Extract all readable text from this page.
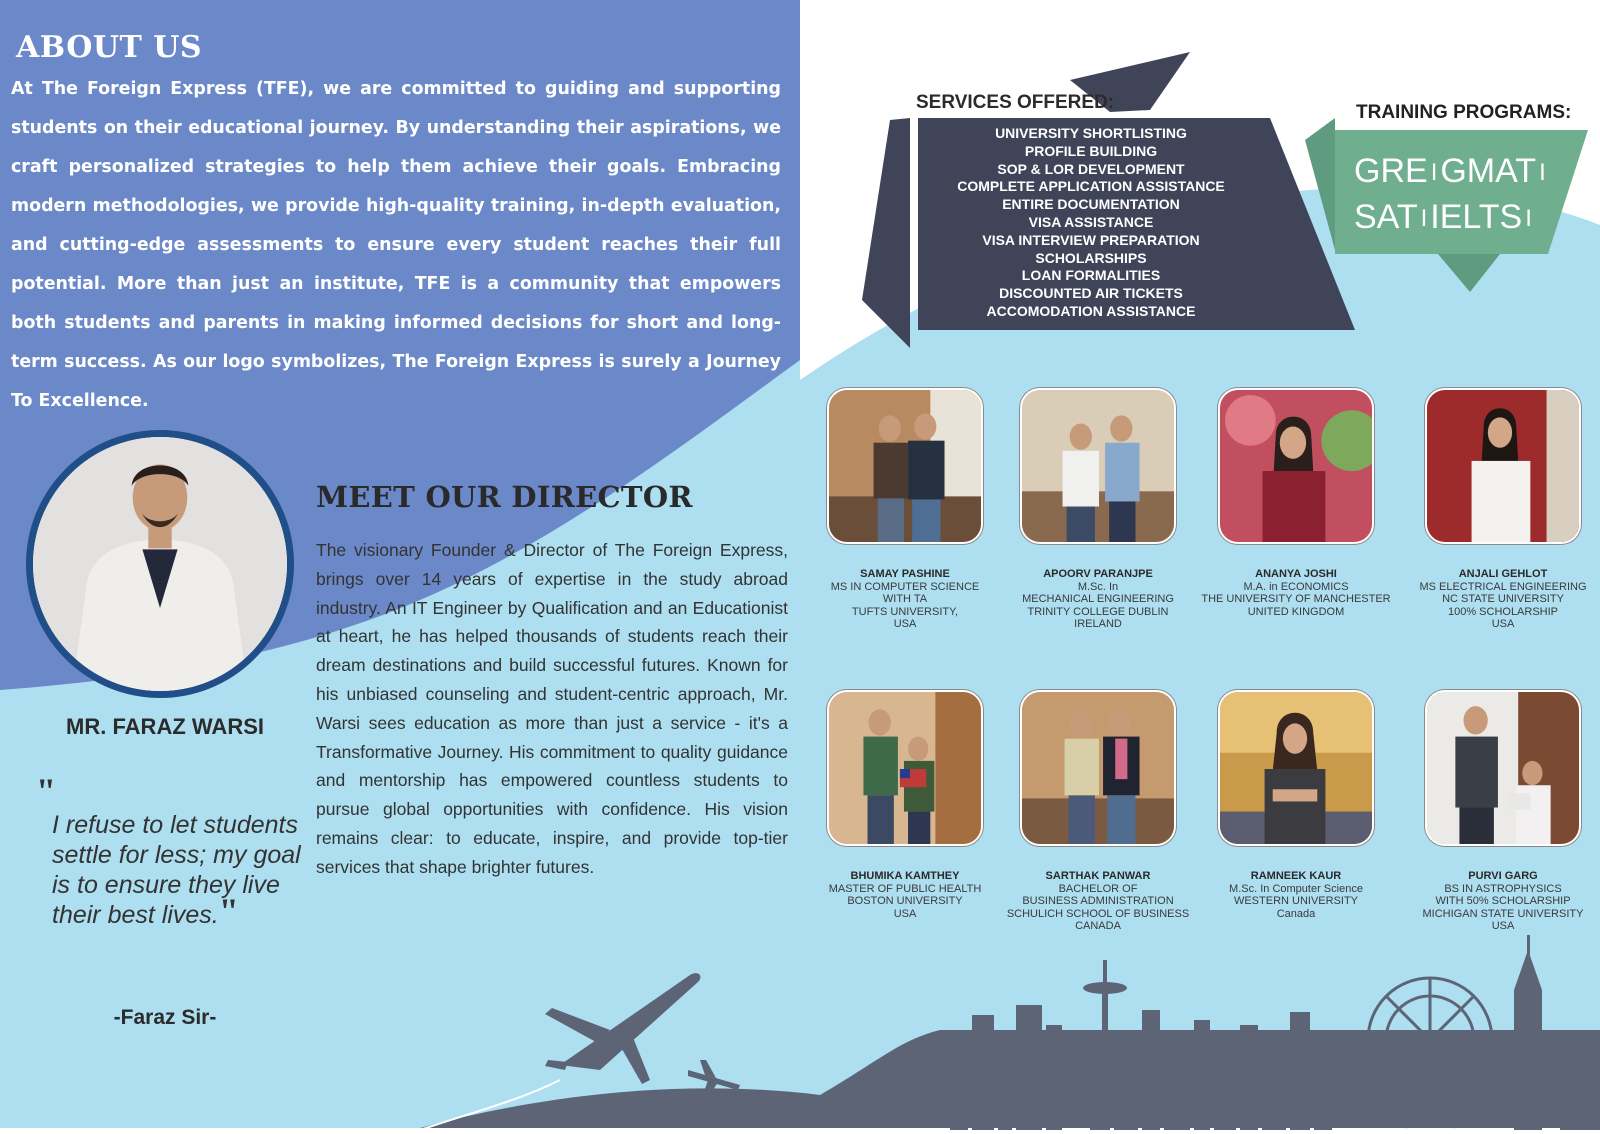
ABOUT US

At The Foreign Express (TFE), we are committed to guiding and supporting students on their educational journey. By understanding their aspirations, we craft personalized strategies to help them achieve their goals. Embracing modern methodologies, we provide high-quality training, in-depth evaluation, and cutting-edge assessments to ensure every student reaches their full potential. More than just an institute, TFE is a community that empowers both students and parents in making informed decisions for short and long-term success. As our logo symbolizes, The Foreign Express is surely a Journey To Excellence.

MR. FARAZ WARSI

"
I refuse to let students settle for less; my goal is to ensure they live their best lives."

-Faraz Sir-

MEET OUR DIRECTOR

The visionary Founder & Director of The Foreign Express, brings over 14 years of expertise in the study abroad industry. An IT Engineer by Qualification and an Educationist at heart, he has helped thousands of students reach their dream destinations and build successful futures. Known for his unbiased counseling and student-centric approach, Mr. Warsi sees education as more than just a service - it's a Transformative Journey. His commitment to quality guidance and mentorship has empowered countless students to pursue global opportunities with confidence. His vision remains clear: to educate, inspire, and provide top-tier services that shape brighter futures.

SERVICES OFFERED:
UNIVERSITY SHORTLISTING
PROFILE BUILDING
SOP & LOR DEVELOPMENT
COMPLETE APPLICATION ASSISTANCE
ENTIRE DOCUMENTATION
VISA ASSISTANCE
VISA INTERVIEW PREPARATION
SCHOLARSHIPS
LOAN FORMALITIES
DISCOUNTED AIR TICKETS
ACCOMODATION ASSISTANCE
TRAINING PROGRAMS:
GRE I GMAT I
SAT I IELTS I
SAMAY PASHINE
MS IN COMPUTER SCIENCE
WITH TA
TUFTS UNIVERSITY,
USA
APOORV PARANJPE
M.Sc. In
MECHANICAL ENGINEERING
TRINITY COLLEGE DUBLIN
IRELAND
ANANYA JOSHI
M.A. in ECONOMICS
THE UNIVERSITY OF MANCHESTER
UNITED KINGDOM
ANJALI GEHLOT
MS ELECTRICAL ENGINEERING
NC STATE UNIVERSITY
100% SCHOLARSHIP
USA
BHUMIKA KAMTHEY
MASTER OF PUBLIC HEALTH
BOSTON UNIVERSITY
USA
SARTHAK PANWAR
BACHELOR OF
BUSINESS ADMINISTRATION
SCHULICH SCHOOL OF BUSINESS
CANADA
RAMNEEK KAUR
M.Sc. In Computer Science
WESTERN UNIVERSITY
Canada
PURVI GARG
BS IN ASTROPHYSICS
WITH 50% SCHOLARSHIP
MICHIGAN STATE UNIVERSITY
USA
